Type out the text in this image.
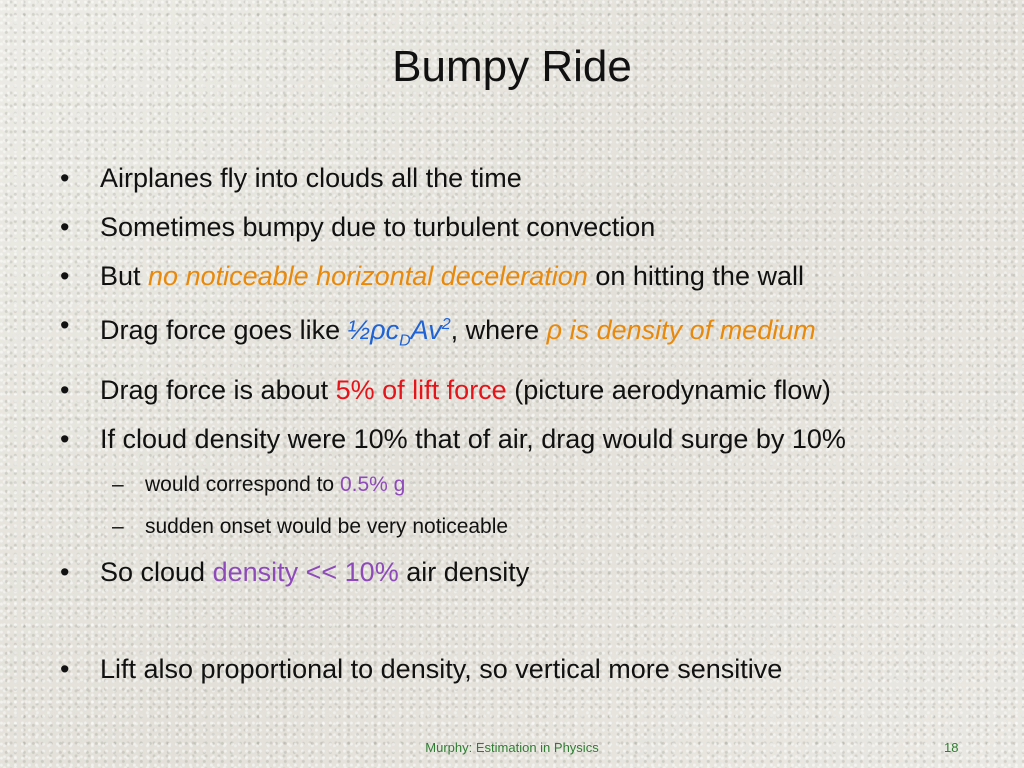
Bumpy Ride
• Airplanes fly into clouds all the time
• Sometimes bumpy due to turbulent convection
• But no noticeable horizontal deceleration on hitting the wall
• Drag force goes like $\frac{1}{2}\rho c_DAv^2$, where ρ is density of medium
• Drag force is about 5% of lift force (picture aerodynamic flow)
• If cloud density were 10% that of air, drag would surge by 10%
– would correspond to 0.5% g
– sudden onset would be very noticeable
• So cloud density << 10% air density
• Lift also proportional to density, so vertical more sensitive
Murphy: Estimation in Physics	18
